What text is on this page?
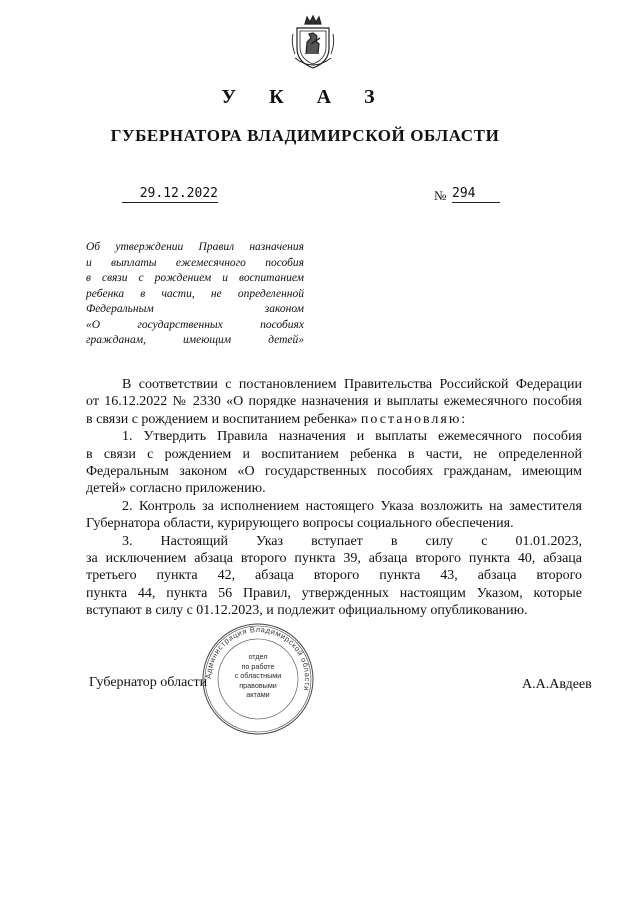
У К А З
ГУБЕРНАТОРА ВЛАДИМИРСКОЙ ОБЛАСТИ
29.12.2022	№ 294
Об утверждении Правил назначения
и выплаты ежемесячного пособия
в связи с рождением и воспитанием
ребенка в части, не определенной
Федеральным законом
«О государственных пособиях
гражданам, имеющим детей»
В соответствии с постановлением Правительства Российской Федерации
от 16.12.2022 № 2330 «О порядке назначения и выплаты ежемесячного пособия
в связи с рождением и воспитанием ребенка» постановляю:
1. Утвердить Правила назначения и выплаты ежемесячного пособия
в связи с рождением и воспитанием ребенка в части, не определенной
Федеральным законом «О государственных пособиях гражданам, имеющим
детей» согласно приложению.
2. Контроль за исполнением настоящего Указа возложить на заместителя
Губернатора области, курирующего вопросы социального обеспечения.
3. Настоящий Указ вступает в силу с 01.01.2023,
за исключением абзаца второго пункта 39, абзаца второго пункта 40, абзаца
третьего пункта 42, абзаца второго пункта 43, абзаца второго
пункта 44, пункта 56 Правил, утвержденных настоящим Указом, которые
вступают в силу с 01.12.2023, и подлежит официальному опубликованию.
Администрация Владимирской области
отдел
по работе
с областными
правовыми
актами
Губернатор области	А.А.Авдеев
